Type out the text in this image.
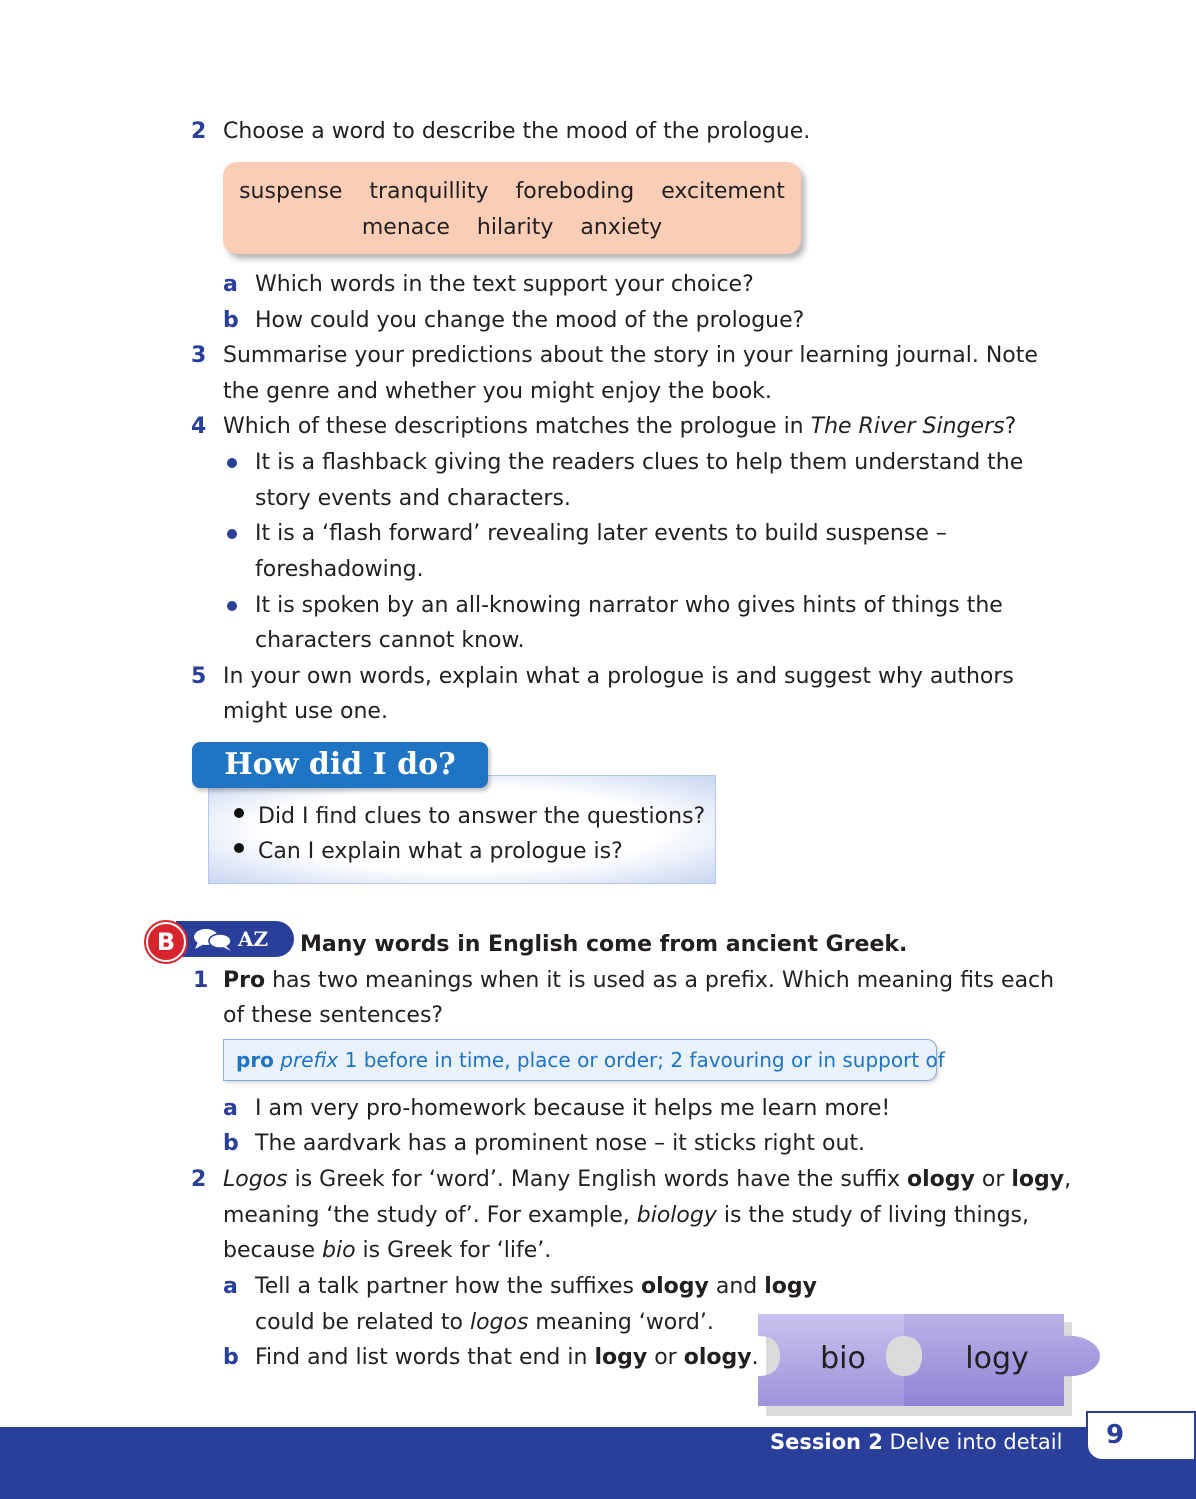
2 Choose a word to describe the mood of the prologue.
suspense tranquillity foreboding excitement
menace hilarity anxiety
a Which words in the text support your choice?
b How could you change the mood of the prologue?
3 Summarise your predictions about the story in your learning journal. Note
the genre and whether you might enjoy the book.
4 Which of these descriptions matches the prologue in The River Singers?
It is a flashback giving the readers clues to help them understand the
story events and characters.
It is a ‘flash forward’ revealing later events to build suspense –
foreshadowing.
It is spoken by an all-knowing narrator who gives hints of things the
characters cannot know.
5 In your own words, explain what a prologue is and suggest why authors
might use one.
How did I do?
Did I find clues to answer the questions?
Can I explain what a prologue is?
B	AZ Many words in English come from ancient Greek.
1 Pro has two meanings when it is used as a prefix. Which meaning fits each
of these sentences?
pro prefix 1 before in time, place or order; 2 favouring or in support of
a I am very pro-homework because it helps me learn more!
b The aardvark has a prominent nose – it sticks right out.
2 Logos is Greek for ‘word’. Many English words have the suffix ology or logy,
meaning ‘the study of’. For example, biology is the study of living things,
because bio is Greek for ‘life’.
a Tell a talk partner how the suffixes ology and logy
could be related to logos meaning ‘word’.
b Find and list words that end in logy or ology.	bio	logy
Session 2 Delve into detail 9
